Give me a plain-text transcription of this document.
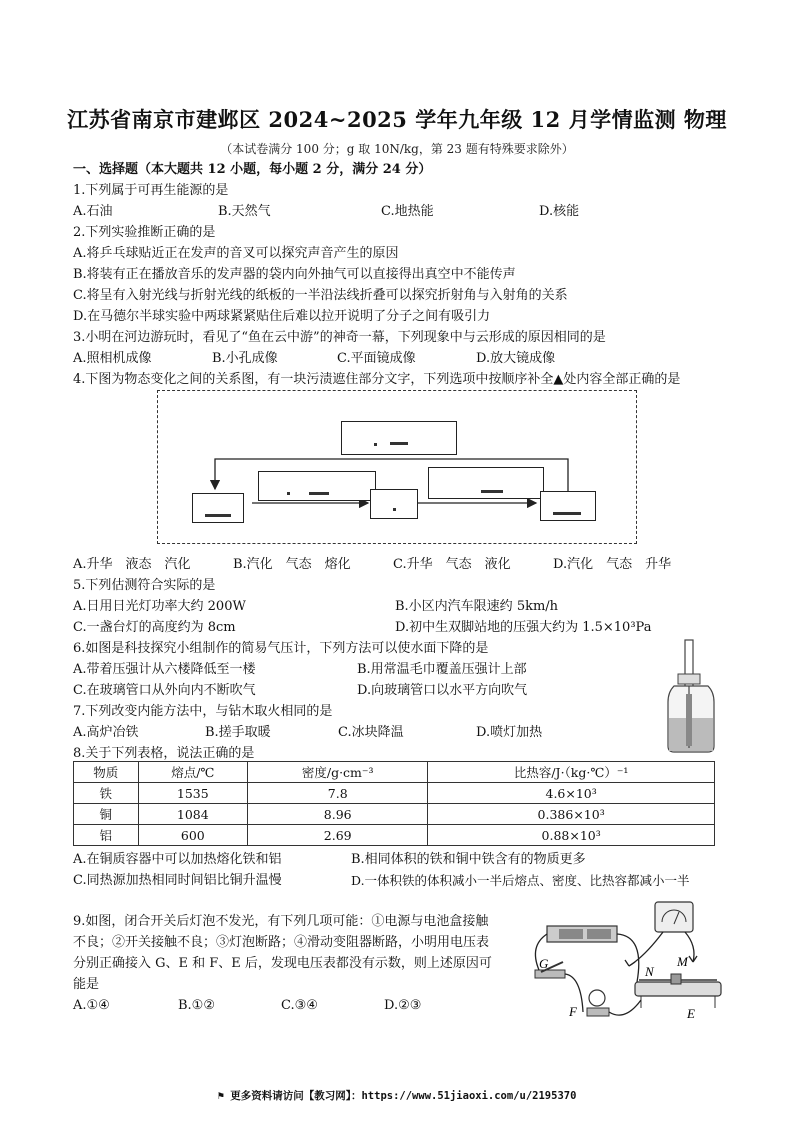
江苏省南京市建邺区 2024~2025 学年九年级 12 月学情监测 物理
（本试卷满分 100 分；g 取 10N/kg，第 23 题有特殊要求除外）
一、选择题（本大题共 12 小题，每小题 2 分，满分 24 分）
1.下列属于可再生能源的是
A.石油	B.天然气	C.地热能	D.核能
2.下列实验推断正确的是
A.将乒乓球贴近正在发声的音叉可以探究声音产生的原因
B.将装有正在播放音乐的发声器的袋内向外抽气可以直接得出真空中不能传声
C.将呈有入射光线与折射光线的纸板的一半沿法线折叠可以探究折射角与入射角的关系
D.在马德尔半球实验中两球紧紧贴住后难以拉开说明了分子之间有吸引力
3.小明在河边游玩时，看见了“鱼在云中游”的神奇一幕，下列现象中与云形成的原因相同的是
A.照相机成像	B.小孔成像	C.平面镜成像	D.放大镜成像
4.下图为物态变化之间的关系图，有一块污渍遮住部分文字，下列选项中按顺序补全▲处内容全部正确的是
A.升华　液态　汽化	B.汽化　气态　熔化	C.升华　气态　液化	D.汽化　气态　升华
5.下列估测符合实际的是
A.日用日光灯功率大约 200W	B.小区内汽车限速约 5km/h
C.一盏台灯的高度约为 8cm	D.初中生双脚站地的压强大约为 1.5×10³Pa
6.如图是科技探究小组制作的简易气压计，下列方法可以使水面下降的是
A.带着压强计从六楼降低至一楼	B.用常温毛巾覆盖压强计上部
C.在玻璃管口从外向内不断吹气	D.向玻璃管口以水平方向吹气
7.下列改变内能方法中，与钻木取火相同的是
A.高炉冶铁	B.搓手取暖	C.冰块降温	D.喷灯加热
8.关于下列表格，说法正确的是
物质	熔点/℃	密度/g·cm⁻³	比热容/J·（kg·℃）⁻¹
铁	1535	7.8	4.6×10³
铜	1084	8.96	0.386×10³
铝	600	2.69	0.88×10³
A.在铜质容器中可以加热熔化铁和铝	B.相同体积的铁和铜中铁含有的物质更多
C.同热源加热相同时间铝比铜升温慢	D.一体积铁的体积减小一半后熔点、密度、比热容都减小一半
9.如图，闭合开关后灯泡不发光，有下列几项可能：①电源与电池盒接触
不良；②开关接触不良；③灯泡断路；④滑动变阻器断路，小明用电压表
分别正确接入 G、E 和 F、E 后，发现电压表都没有示数，则上述原因可
能是
A.①④	B.①②	C.③④	D.②③
G
N
M
F	E
⚑ 更多资料请访问【教习网】：https://www.51jiaoxi.com/u/2195370
